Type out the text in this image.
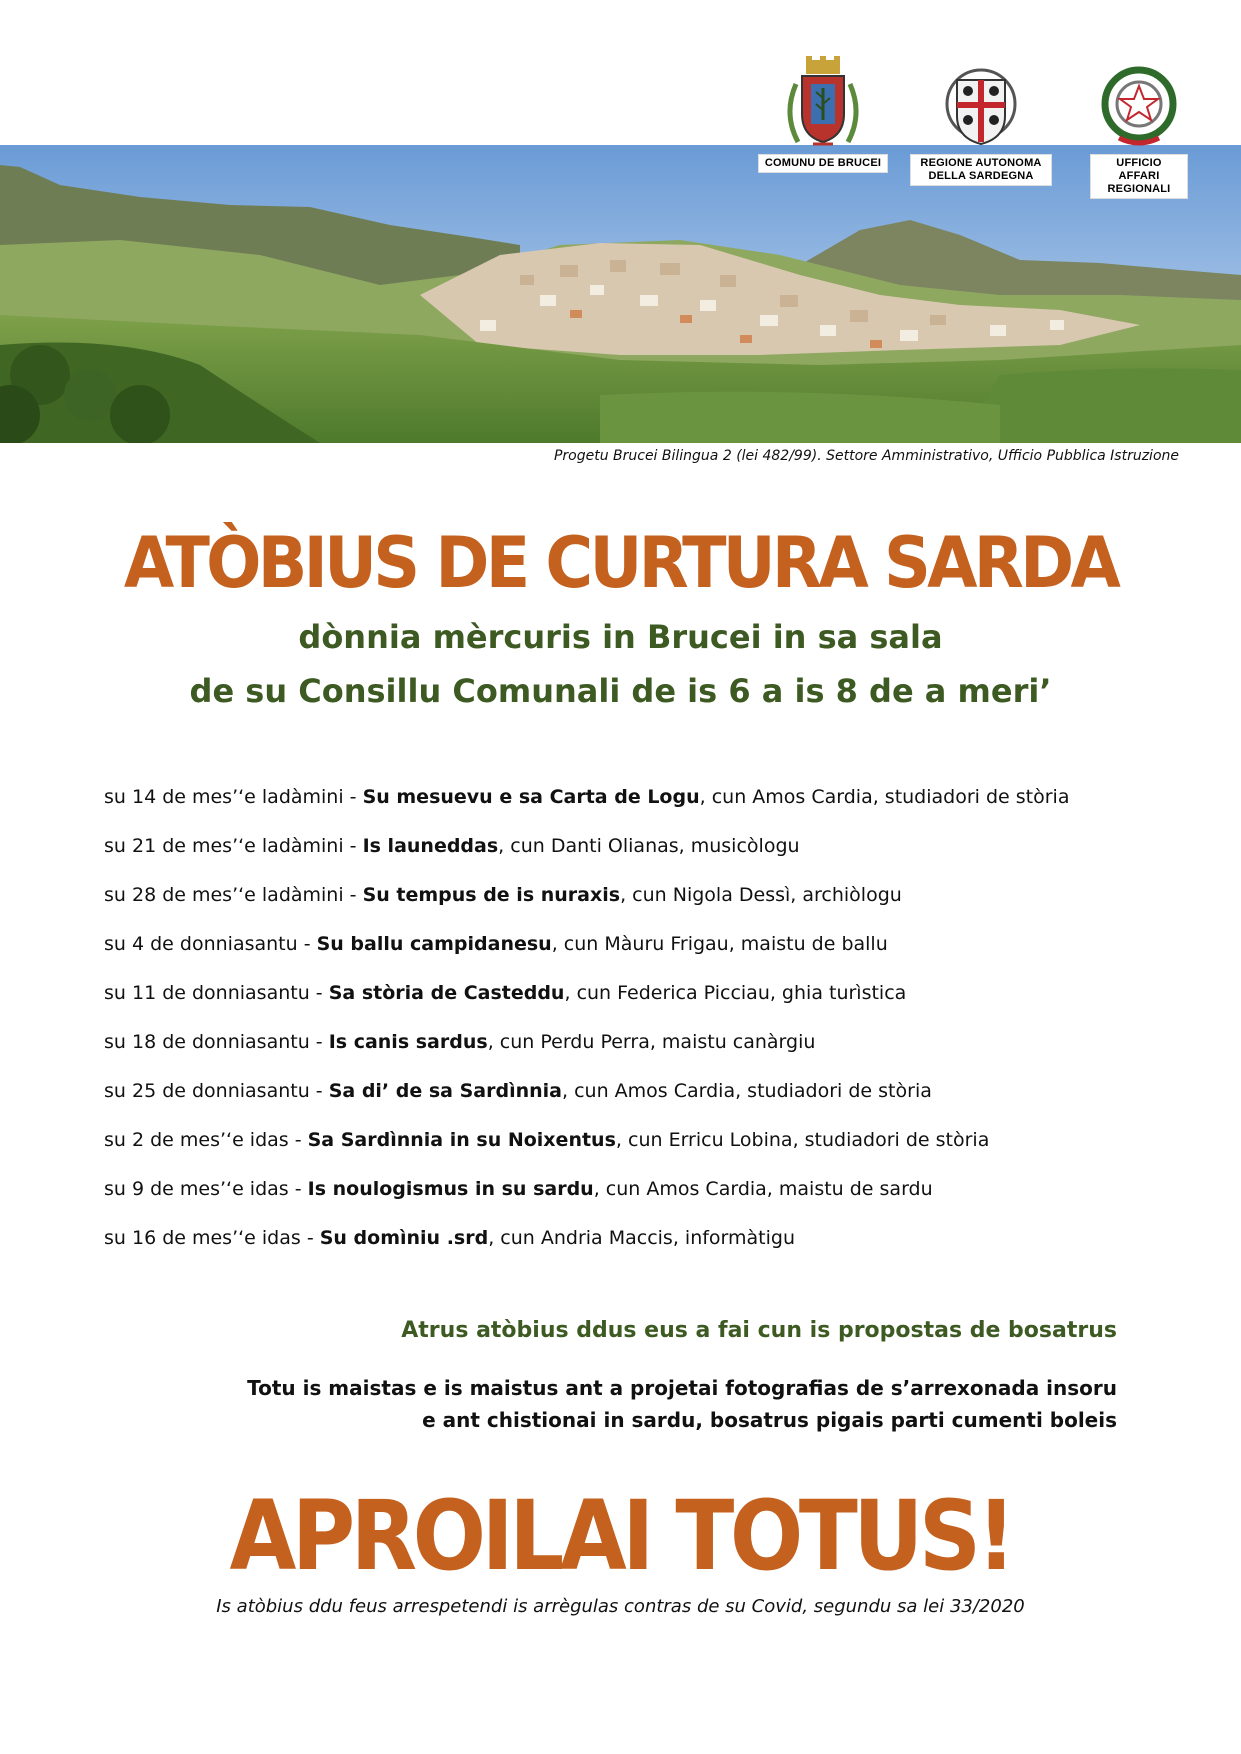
COMUNU DE BRUCEI	REGIONE AUTONOMA DELLA SARDEGNA
UFFICIO AFFARI REGIONALI
Progetu Brucei Bilingua 2 (lei 482/99). Settore Amministrativo, Ufficio Pubblica Istruzione
ATÒBIUS DE CURTURA SARDA
dònnia mèrcuris in Brucei in sa sala
de su Consillu Comunali de is 6 a is 8 de a meri’
su 14 de mes’‘e ladàmini - Su mesuevu e sa Carta de Logu, cun Amos Cardia, studiadori de stòria
su 21 de mes’‘e ladàmini - Is launeddas, cun Danti Olianas, musicòlogu
su 28 de mes’‘e ladàmini - Su tempus de is nuraxis, cun Nigola Dessì, archiòlogu
su 4 de donniasantu - Su ballu campidanesu, cun Màuru Frigau, maistu de ballu
su 11 de donniasantu - Sa stòria de Casteddu, cun Federica Picciau, ghia turìstica
su 18 de donniasantu - Is canis sardus, cun Perdu Perra, maistu canàrgiu
su 25 de donniasantu - Sa di’ de sa Sardìnnia, cun Amos Cardia, studiadori de stòria
su 2 de mes’‘e idas - Sa Sardìnnia in su Noixentus, cun Erricu Lobina, studiadori de stòria
su 9 de mes’‘e idas - Is noulogismus in su sardu, cun Amos Cardia, maistu de sardu
su 16 de mes’‘e idas - Su domìniu .srd, cun Andria Maccis, informàtigu
Atrus atòbius ddus eus a fai cun is propostas de bosatrus
Totu is maistas e is maistus ant a projetai fotografias de s’arrexonada insoru
e ant chistionai in sardu, bosatrus pigais parti cumenti boleis
APROILAI TOTUS!
Is atòbius ddu feus arrespetendi is arrègulas contras de su Covid, segundu sa lei 33/2020
